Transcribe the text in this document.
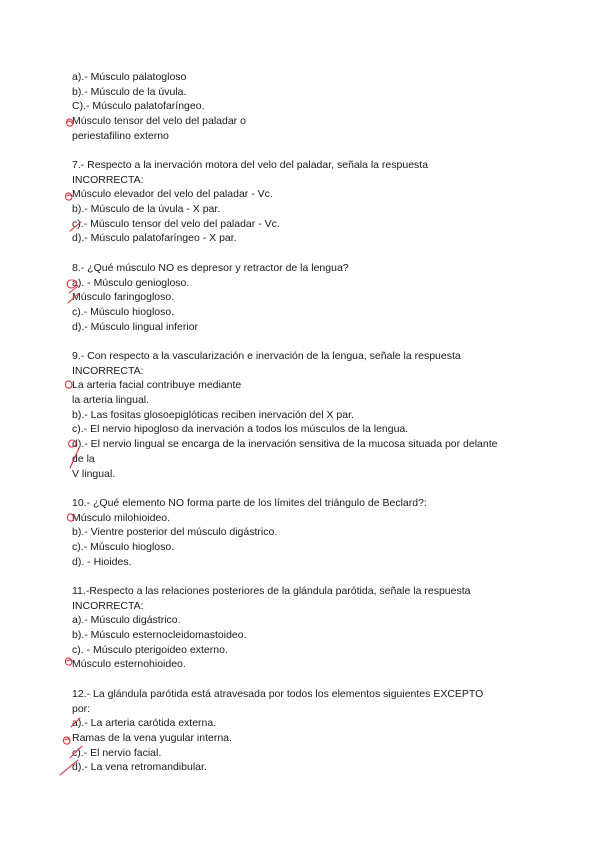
a).- Músculo palatogloso
b).- Músculo de la úvula.
C).- Músculo palatofaríngeo.
Músculo tensor del velo del paladar o
periestafilino externo
7.- Respecto a la inervación motora del velo del paladar, señala la respuesta
INCORRECTA:
Músculo elevador del velo del paladar - Vc.
b).- Músculo de la úvula - X par.
c).- Músculo tensor del velo del paladar - Vc.
d).- Músculo palatofaríngeo - X par.
8.- ¿Qué músculo NO es depresor y retractor de la lengua?
a). - Músculo geniogloso.
Músculo faringogloso.
c).- Músculo hiogloso.
d).- Músculo lingual inferior
9.- Con respecto a la vascularización e inervación de la lengua, señale la respuesta
INCORRECTA:
La arteria facial contribuye mediante
la arteria lingual.
b).- Las fositas glosoepiglóticas reciben inervación del X par.
c).- El nervio hipogloso da inervación a todos los músculos de la lengua.
d).- El nervio lingual se encarga de la inervación sensitiva de la mucosa situada por delante
de la
V lingual.
10.- ¿Qué elemento NO forma parte de los límites del triángulo de Beclard?:
Músculo milohioideo.
b).- Vientre posterior del músculo digástrico.
c).- Músculo hiogloso.
d). - Hioides.
11.-Respecto a las relaciones posteriores de la glándula parótida, señale la respuesta
INCORRECTA:
a).- Músculo digástrico.
b).- Músculo esternocleidomastoideo.
c). - Músculo pterigoideo externo.
Músculo esternohioideo.
12.- La glándula parótida está atravesada por todos los elementos siguientes EXCEPTO
por:
a).- La arteria carótida externa.
Ramas de la vena yugular interna.
c).- El nervio facial.
d).- La vena retromandibular.
